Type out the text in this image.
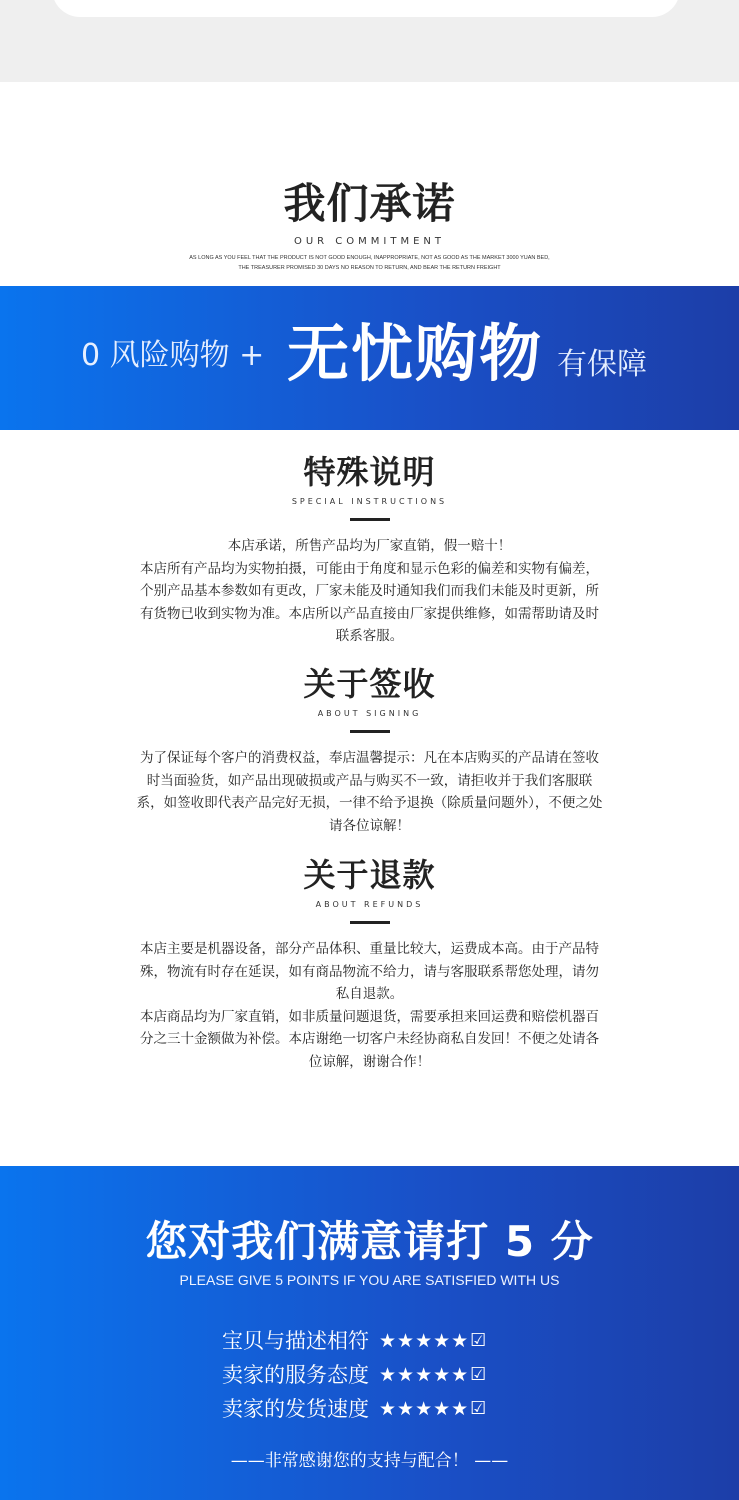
我们承诺
OUR COMMITMENT
AS LONG AS YOU FEEL THAT THE PRODUCT IS NOT GOOD ENOUGH, INAPPROPRIATE, NOT AS GOOD AS THE MARKET 3000 YUAN BED,
THE TREASURER PROMISED 30 DAYS NO REASON TO RETURN, AND BEAR THE RETURN FREIGHT
0 风险购物 + 无忧购物 有保障
特殊说明
SPECIAL INSTRUCTIONS

本店承诺，所售产品均为厂家直销，假一赔十！

本店所有产品均为实物拍摄，可能由于角度和显示色彩的偏差和实物有偏差，个别产品基本参数如有更改，厂家未能及时通知我们而我们未能及时更新，所有货物已收到实物为准。本店所以产品直接由厂家提供维修，如需帮助请及时联系客服。

关于签收
ABOUT SIGNING

为了保证每个客户的消费权益，奉店温馨提示：凡在本店购买的产品请在签收时当面验货，如产品出现破损或产品与购买不一致，请拒收并于我们客服联系，如签收即代表产品完好无损，一律不给予退换（除质量问题外），不便之处请各位谅解！

关于退款
ABOUT REFUNDS

本店主要是机器设备，部分产品体积、重量比较大，运费成本高。由于产品特殊，物流有时存在延误，如有商品物流不给力，请与客服联系帮您处理，请勿私自退款。

本店商品均为厂家直销，如非质量问题退货，需要承担来回运费和赔偿机器百分之三十金额做为补偿。本店谢绝一切客户未经协商私自发回！不便之处请各位谅解，谢谢合作！

您对我们满意请打 5 分
PLEASE GIVE 5 POINTS IF YOU ARE SATISFIED WITH US
宝贝与描述相符 ★★★★★ ☑
卖家的服务态度 ★★★★★ ☑
卖家的发货速度 ★★★★★ ☑
——非常感谢您的支持与配合！ ——
